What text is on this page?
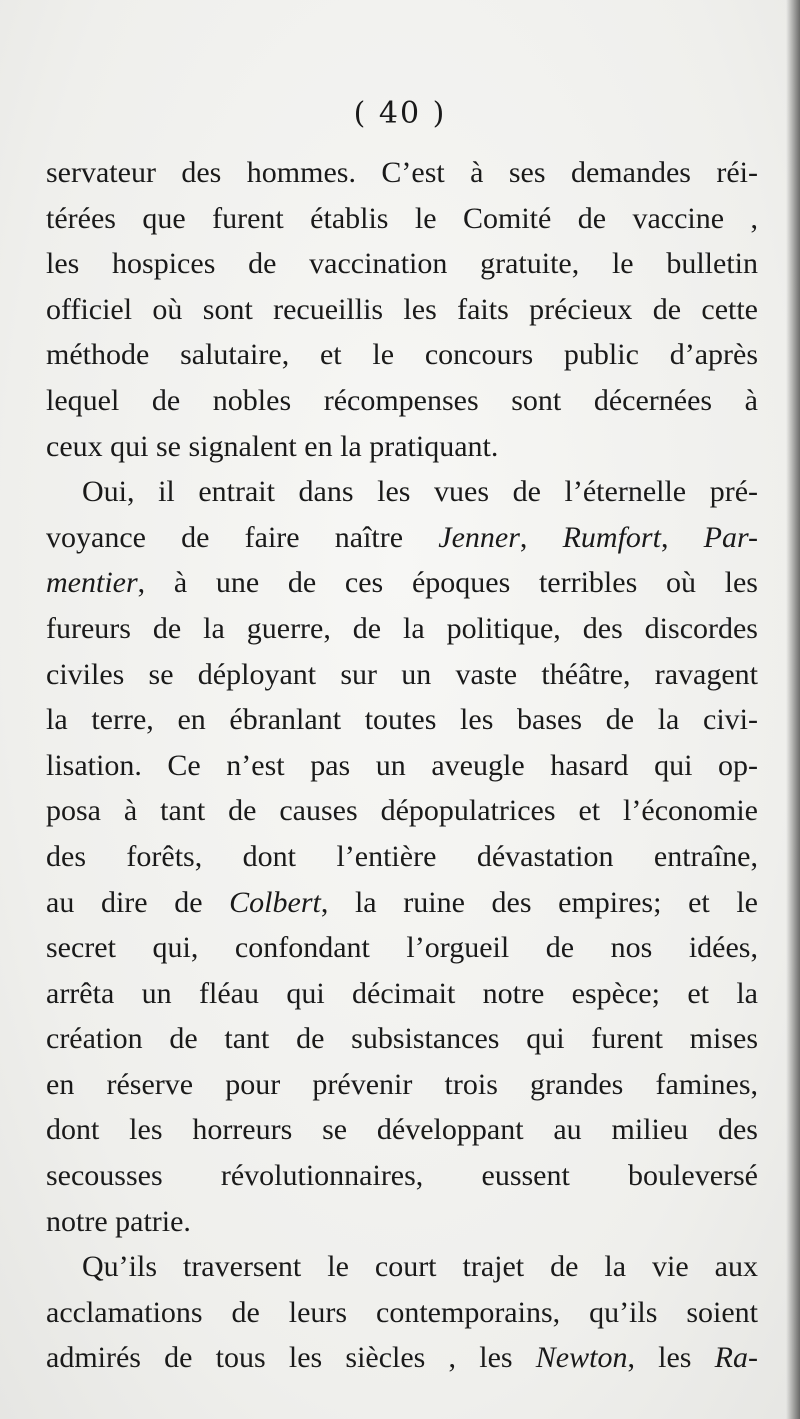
( 40 )
servateur des hommes. C’est à ses demandes réi-
térées que furent établis le Comité de vaccine ,
les hospices de vaccination gratuite, le bulletin
officiel où sont recueillis les faits précieux de cette
méthode salutaire, et le concours public d’après
lequel de nobles récompenses sont décernées à
ceux qui se signalent en la pratiquant.
Oui, il entrait dans les vues de l’éternelle pré-
voyance de faire naître Jenner, Rumfort, Par-
mentier, à une de ces époques terribles où les
fureurs de la guerre, de la politique, des discordes
civiles se déployant sur un vaste théâtre, ravagent
la terre, en ébranlant toutes les bases de la civi-
lisation. Ce n’est pas un aveugle hasard qui op-
posa à tant de causes dépopulatrices et l’économie
des forêts, dont l’entière dévastation entraîne,
au dire de Colbert, la ruine des empires; et le
secret qui, confondant l’orgueil de nos idées,
arrêta un fléau qui décimait notre espèce; et la
création de tant de subsistances qui furent mises
en réserve pour prévenir trois grandes famines,
dont les horreurs se développant au milieu des
secousses révolutionnaires, eussent bouleversé
notre patrie.
Qu’ils traversent le court trajet de la vie aux
acclamations de leurs contemporains, qu’ils soient
admirés de tous les siècles , les Newton, les Ra-
